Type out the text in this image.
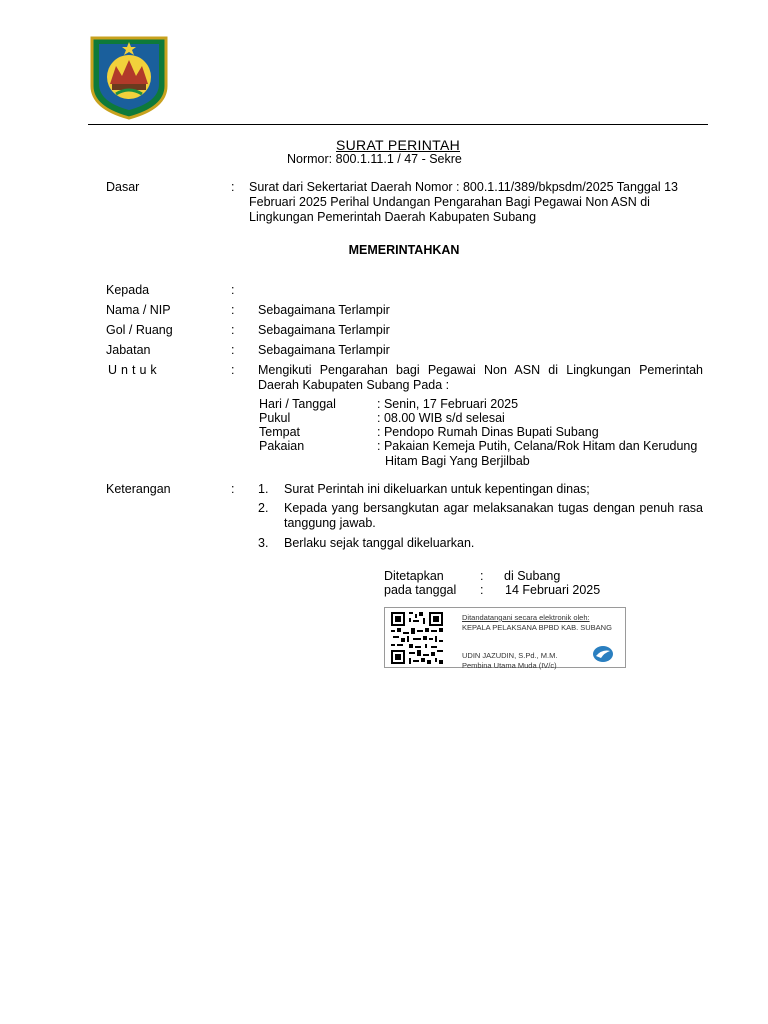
SURAT PERINTAH
Normor: 800.1.11.1 / 47 - Sekre
Dasar	: Surat dari Sekertariat Daerah Nomor : 800.1.11/389/bkpsdm/2025 Tanggal 13 Februari 2025 Perihal Undangan Pengarahan Bagi Pegawai Non ASN di Lingkungan Pemerintah Daerah Kabupaten Subang
MEMERINTAHKAN
Kepada	:
Nama / NIP	: Sebagaimana Terlampir
Gol / Ruang	: Sebagaimana Terlampir
Jabatan	: Sebagaimana Terlampir
Untuk	: Mengikuti Pengarahan bagi Pegawai Non ASN di Lingkungan Pemerintah Daerah Kabupaten Subang Pada :
Hari / Tanggal	: Senin, 17 Februari 2025
Pukul	: 08.00 WIB s/d selesai
Tempat	: Pendopo Rumah Dinas Bupati Subang
Pakaian	: Pakaian Kemeja Putih, Celana/Rok Hitam dan Kerudung
Hitam Bagi Yang Berjilbab
Keterangan	: 1. Surat Perintah ini dikeluarkan untuk kepentingan dinas;
2. Kepada yang bersangkutan agar melaksanakan tugas dengan penuh rasa tanggung jawab.
3. Berlaku sejak tanggal dikeluarkan.
Ditetapkan	: di Subang
pada tanggal : 14 Februari 2025
Ditandatangani secara elektronik oleh:
KEPALA PELAKSANA BPBD KAB. SUBANG
UDIN JAZUDIN, S.Pd., M.M.
Pembina Utama Muda (IV/c)
